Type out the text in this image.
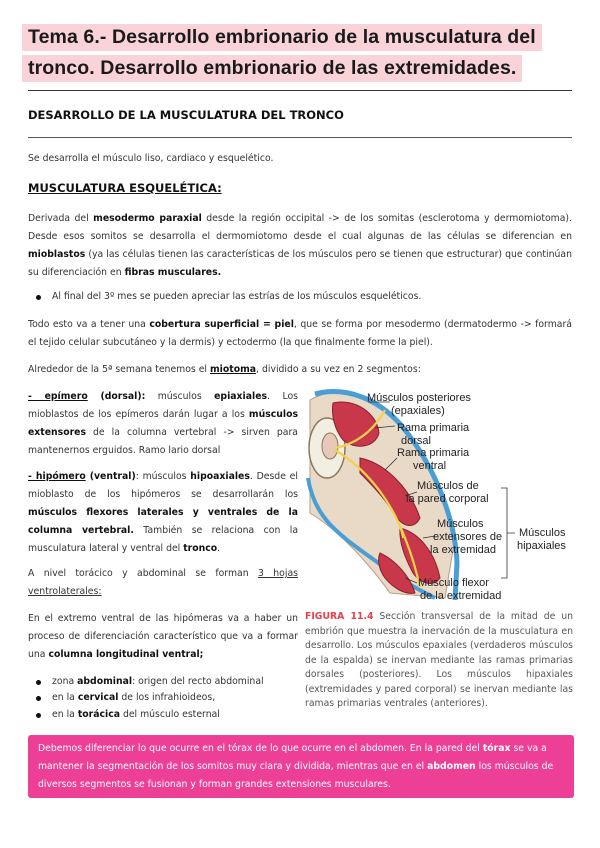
Tema 6.- Desarrollo embrionario de la musculatura del
tronco. Desarrollo embrionario de las extremidades.
DESARROLLO DE LA MUSCULATURA DEL TRONCO
Se desarrolla el músculo liso, cardiaco y esquelético.
MUSCULATURA ESQUELÉTICA:
Derivada del mesodermo paraxial desde la región occipital -> de los somitas (esclerotoma y dermomiotoma). Desde esos somitos se desarrolla el dermomiotomo desde el cual algunas de las células se diferencian en mioblastos (ya las células tienen las características de los músculos pero se tienen que estructurar) que continúan su diferenciación en fibras musculares.
Al final del 3º mes se pueden apreciar las estrías de los músculos esqueléticos.
Todo esto va a tener una cobertura superficial = piel, que se forma por mesodermo (dermatodermo -> formará el tejido celular subcutáneo y la dermis) y ectodermo (la que finalmente forme la piel).
Alrededor de la 5ª semana tenemos el miotoma, dividido a su vez en 2 segmentos:
- epímero (dorsal): músculos epiaxiales. Los mioblastos de los epímeros darán lugar a los músculos extensores de la columna vertebral -> sirven para mantenernos erguidos. Ramo lario dorsal
- hipómero (ventral): músculos hipoaxiales. Desde el mioblasto de los hipómeros se desarrollarán los músculos flexores laterales y ventrales de la columna vertebral. También se relaciona con la musculatura lateral y ventral del tronco.
A nivel torácico y abdominal se forman 3 hojas ventrolaterales:
En el extremo ventral de las hipómeras va a haber un proceso de diferenciación característico que va a formar una columna longitudinal ventral;
zona abdominal: origen del recto abdominal
en la cervical de los infrahioideos,
en la torácica del músculo esternal
Músculos posteriores
(epaxiales)
Rama primaria
dorsal
Rama primaria
ventral
Músculos de
la pared corporal
Músculos
extensores de
la extremidad
Músculo flexor
de la extremidad
Músculos
hipaxiales
FIGURA 11.4 Sección transversal de la mitad de un embrión que muestra la inervación de la musculatura en desarrollo. Los músculos epaxiales (verdaderos músculos de la espalda) se inervan mediante las ramas primarias dorsales (posteriores). Los músculos hipaxiales (extremidades y pared corporal) se inervan mediante las ramas primarias ventrales (anteriores).
Debemos diferenciar lo que ocurre en el tórax de lo que ocurre en el abdomen. En la pared del tórax se va a mantener la segmentación de los somitos muy clara y dividida, mientras que en el abdomen los músculos de diversos segmentos se fusionan y forman grandes extensiones musculares.
